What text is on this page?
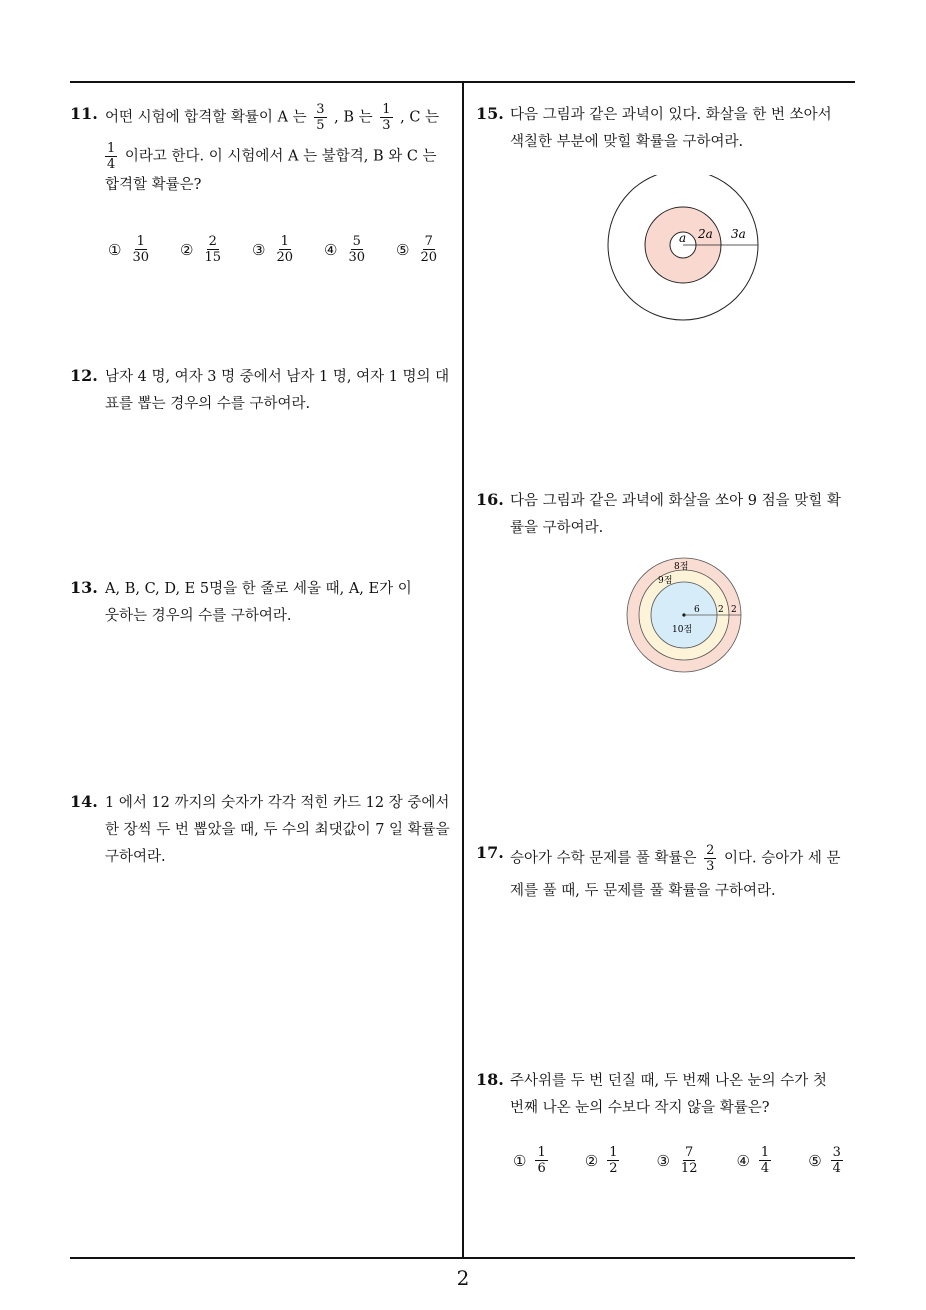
11. 어떤 시험에 합격할 확률이 A 는 $\frac{3}{5}$ , B 는 $\frac{1}{3}$ , C 는
$\frac{1}{4}$ 이라고 한다. 이 시험에서 A 는 불합격, B 와 C 는
합격할 확률은?
① $\frac{1}{30}$ ② $\frac{2}{15}$ ③ $\frac{1}{20}$ ④ $\frac{5}{30}$ ⑤ $\frac{7}{20}$
12. 남자 4 명, 여자 3 명 중에서 남자 1 명, 여자 1 명의 대
표를 뽑는 경우의 수를 구하여라.
13. A, B, C, D, E 5명을 한 줄로 세울 때, A, E가 이
웃하는 경우의 수를 구하여라.
14. 1 에서 12 까지의 숫자가 각각 적힌 카드 12 장 중에서
한 장씩 두 번 뽑았을 때, 두 수의 최댓값이 7 일 확률을
구하여라.
15. 다음 그림과 같은 과녁이 있다. 화살을 한 번 쏘아서
색칠한 부분에 맞힐 확률을 구하여라.
a 2a 3a
16. 다음 그림과 같은 과녁에 화살을 쏘아 9 점을 맞힐 확
률을 구하여라.
8점
9점
10점
6 2 2
17. 승아가 수학 문제를 풀 확률은 $\frac{2}{3}$ 이다. 승아가 세 문
제를 풀 때, 두 문제를 풀 확률을 구하여라.
18. 주사위를 두 번 던질 때, 두 번째 나온 눈의 수가 첫
번째 나온 눈의 수보다 작지 않을 확률은?
① $\frac{1}{6}$ ② $\frac{1}{2}$ ③ $\frac{7}{12}$ ④ $\frac{1}{4}$ ⑤ $\frac{3}{4}$
2
